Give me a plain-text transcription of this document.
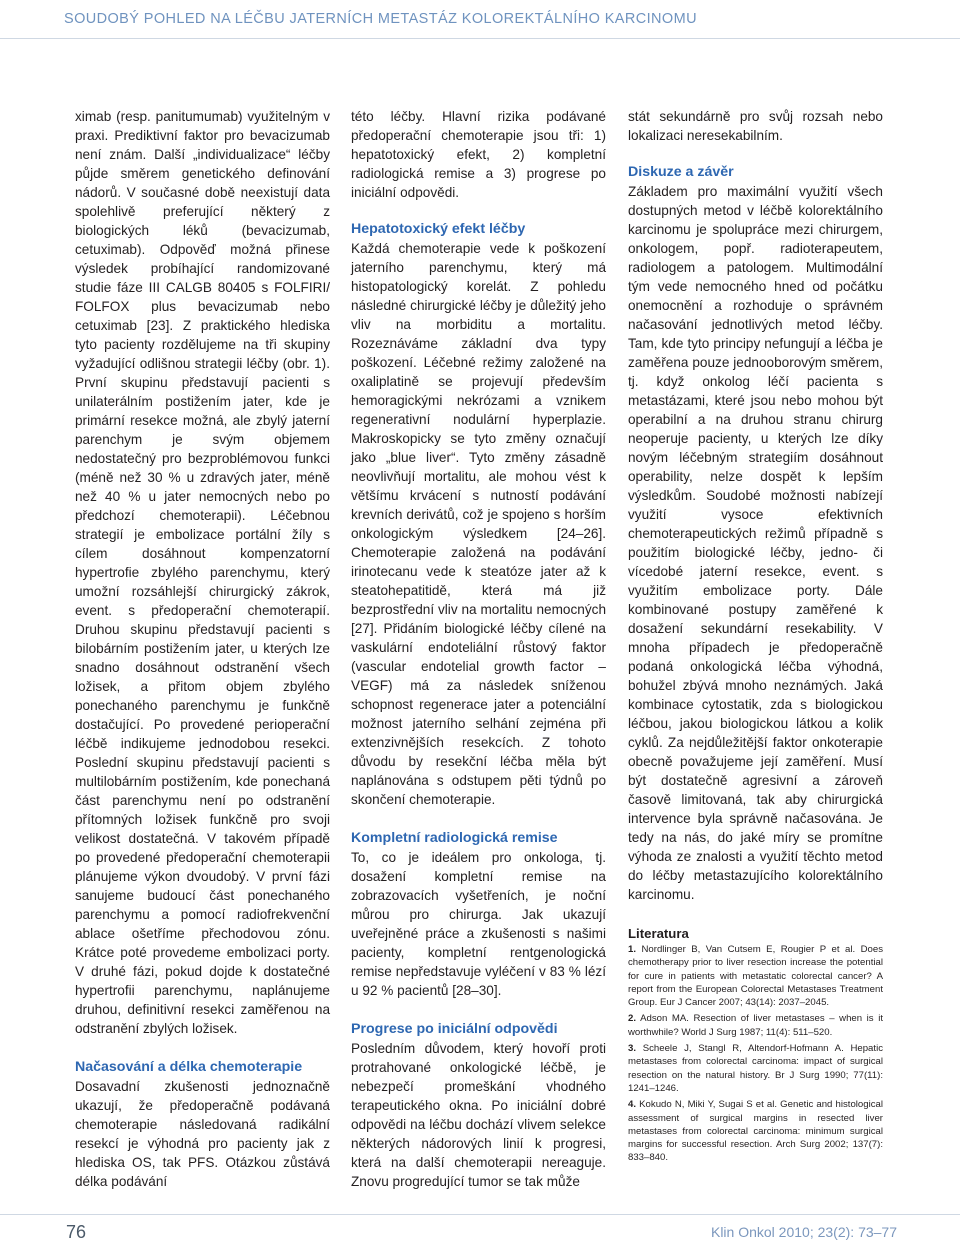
SOUDOBÝ POHLED NA LÉČBU JATERNÍCH METASTÁZ KOLOREKTÁLNÍHO KARCINOMU

ximab (resp. panitumumab) využitelným v praxi. Prediktivní faktor pro bevacizumab není znám. Další „individualizace“ léčby půjde směrem genetického definování nádorů. V současné době neexistují data spolehlivě preferující některý z biologických léků (bevacizumab, cetuximab). Odpověď možná přinese výsledek probíhající randomizované studie fáze III CALGB 80405 s FOLFIRI/ FOLFOX plus bevacizumab nebo cetuximab [23]. Z praktického hlediska tyto pacienty rozdělujeme na tři skupiny vyžadující odlišnou strategii léčby (obr. 1). První skupinu představují pacienti s unilaterálním postižením jater, kde je primární resekce možná, ale zbylý jaterní parenchym je svým objemem nedostatečný pro bezproblémovou funkci (méně než 30 % u zdravých jater, méně než 40 % u jater nemocných nebo po předchozí chemoterapii). Léčebnou strategií je embolizace portální žíly s cílem dosáhnout kompenzatorní hypertrofie zbylého parenchymu, který umožní rozsáhlejší chirurgický zákrok, event. s předoperační chemoterapií. Druhou skupinu představují pacienti s bilobárním postižením jater, u kterých lze snadno dosáhnout odstranění všech ložisek, a přitom objem zbylého ponechaného parenchymu je funkčně dostačující. Po provedené perioperační léčbě indikujeme jednodobou resekci. Poslední skupinu představují pacienti s multilobárním postižením, kde ponechaná část parenchymu není po odstranění přítomných ložisek funkčně pro svoji velikost dostatečná. V takovém případě po provedené předoperační chemoterapii plánujeme výkon dvoudobý. V první fázi sanujeme budoucí část ponechaného parenchymu a pomocí radiofrekvenční ablace ošetříme přechodovou zónu. Krátce poté provedeme embolizaci porty. V druhé fázi, pokud dojde k dostatečné hypertrofii parenchymu, naplánujeme druhou, definitivní resekci zaměřenou na odstranění zbylých ložisek.

Načasování a délka chemoterapie

Dosavadní zkušenosti jednoznačně ukazují, že předoperačně podávaná chemoterapie následovaná radikální resekcí je výhodná pro pacienty jak z hlediska OS, tak PFS. Otázkou zůstává délka podávání

této léčby. Hlavní rizika podávané předoperační chemoterapie jsou tři: 1) hepatotoxický efekt, 2) kompletní radiologická remise a 3) progrese po iniciální odpovědi.

Hepatotoxický efekt léčby

Každá chemoterapie vede k poškození jaterního parenchymu, který má histopatologický korelát. Z pohledu následné chirurgické léčby je důležitý jeho vliv na morbiditu a mortalitu. Rozeznáváme základní dva typy poškození. Léčebné režimy založené na oxaliplatině se projevují především hemoragickými nekrózami a vznikem regenerativní nodulární hyperplazie. Makroskopicky se tyto změny označují jako „blue liver“. Tyto změny zásadně neovlivňují mortalitu, ale mohou vést k většímu krvácení s nutností podávání krevních derivátů, což je spojeno s horším onkologickým výsledkem [24–26]. Chemoterapie založená na podávání irinotecanu vede k steatóze jater až k steatohepatitidě, která má již bezprostřední vliv na mortalitu nemocných [27]. Přidáním biologické léčby cílené na vaskulární endoteliální růstový faktor (vascular endotelial growth factor – VEGF) má za následek sníženou schopnost regenerace jater a potenciální možnost jaterního selhání zejména při extenzivnějších resekcích. Z tohoto důvodu by resekční léčba měla být naplánována s odstupem pěti týdnů po skončení chemoterapie.

Kompletní radiologická remise

To, co je ideálem pro onkologa, tj. dosažení kompletní remise na zobrazovacích vyšetřeních, je noční můrou pro chirurga. Jak ukazují uveřejněné práce a zkušenosti s našimi pacienty, kompletní rentgenologická remise nepředstavuje vyléčení v 83 % lézí u 92 % pacientů [28–30].

Progrese po iniciální odpovědi

Posledním důvodem, který hovoří proti protrahované onkologické léčbě, je nebezpečí promeškání vhodného terapeutického okna. Po iniciální dobré odpovědi na léčbu dochází vlivem selekce některých nádorových linií k progresi, která na další chemoterapii nereaguje. Znovu progredující tumor se tak může

stát sekundárně pro svůj rozsah nebo lokalizaci neresekabilním.

Diskuze a závěr

Základem pro maximální využití všech dostupných metod v léčbě kolorektálního karcinomu je spolupráce mezi chirurgem, onkologem, popř. radioterapeutem, radiologem a patologem. Multimodální tým vede nemocného hned od počátku onemocnění a rozhoduje o správném načasování jednotlivých metod léčby. Tam, kde tyto principy nefungují a léčba je zaměřena pouze jednooborovým směrem, tj. když onkolog léčí pacienta s metastázami, které jsou nebo mohou být operabilní a na druhou stranu chirurg neoperuje pacienty, u kterých lze díky novým léčebným strategiím dosáhnout operability, nelze dospět k lepším výsledkům. Soudobé možnosti nabízejí využití vysoce efektivních chemoterapeutických režimů případně s použitím biologické léčby, jedno- či vícedobé jaterní resekce, event. s využitím embolizace porty. Dále kombinované postupy zaměřené k dosažení sekundární resekability. V mnoha případech je předoperačně podaná onkologická léčba výhodná, bohužel zbývá mnoho neznámých. Jaká kombinace cytostatik, zda s biologickou léčbou, jakou biologickou látkou a kolik cyklů. Za nejdůležitější faktor onkoterapie obecně považujeme její zaměření. Musí být dostatečně agresivní a zároveň časově limitovaná, tak aby chirurgická intervence byla správně načasována. Je tedy na nás, do jaké míry se promítne výhoda ze znalosti a využití těchto metod do léčby metastazujícího kolorektálního karcinomu.

Literatura

1. Nordlinger B, Van Cutsem E, Rougier P et al. Does chemotherapy prior to liver resection increase the potential for cure in patients with metastatic colorectal cancer? A report from the European Colorectal Metastases Treatment Group. Eur J Cancer 2007; 43(14): 2037–2045.

2. Adson MA. Resection of liver metastases – when is it worthwhile? World J Surg 1987; 11(4): 511–520.

3. Scheele J, Stangl R, Altendorf-Hofmann A. Hepatic metastases from colorectal carcinoma: impact of surgical resection on the natural history. Br J Surg 1990; 77(11): 1241–1246.

4. Kokudo N, Miki Y, Sugai S et al. Genetic and histological assessment of surgical margins in resected liver metastases from colorectal carcinoma: minimum surgical margins for successful resection. Arch Surg 2002; 137(7): 833–840.

76	Klin Onkol 2010; 23(2): 73–77
